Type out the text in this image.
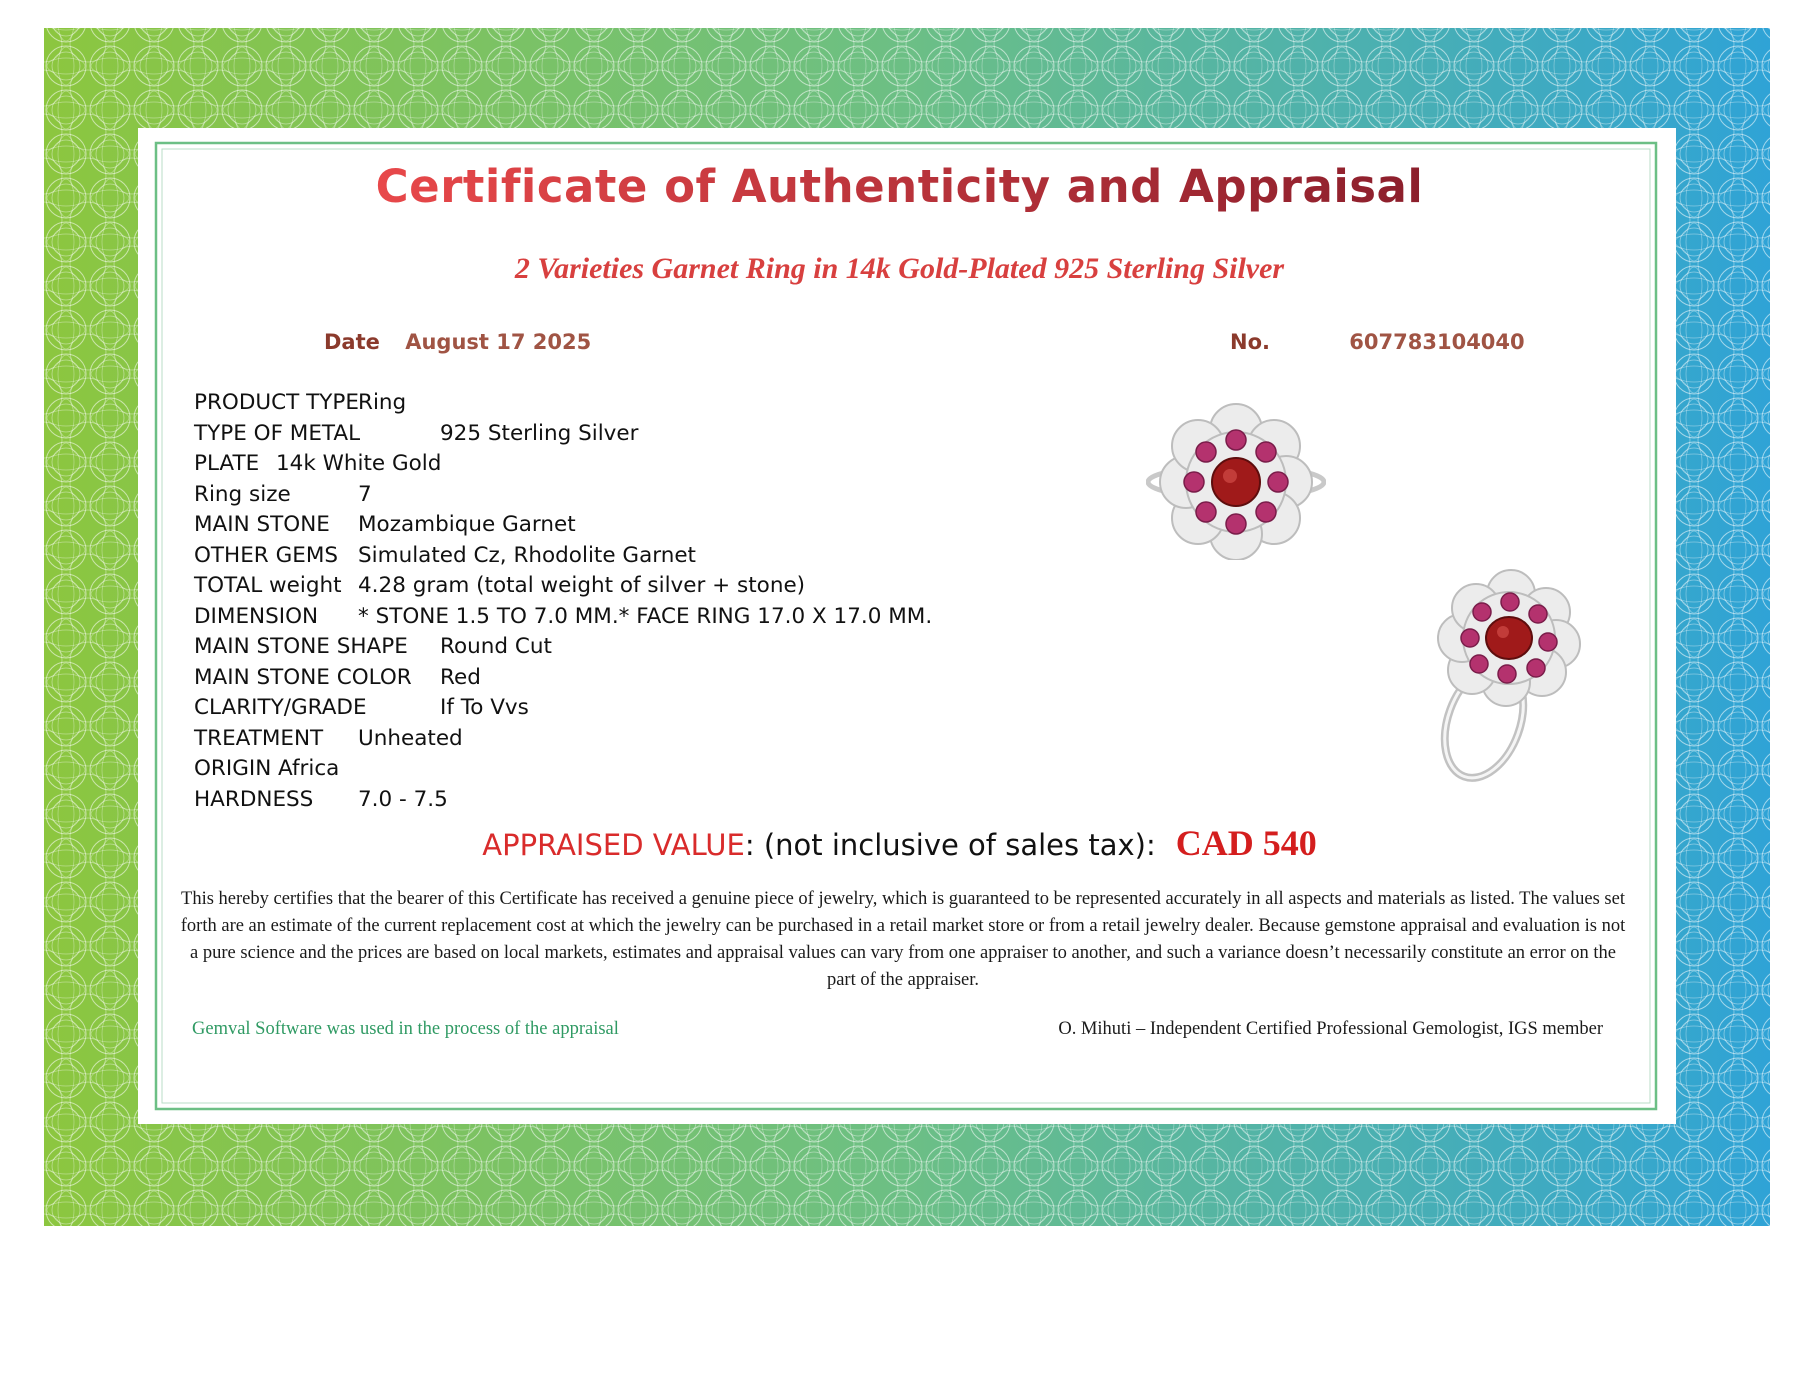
Certificate of Authenticity and Appraisal
2 Varieties Garnet Ring in 14k Gold-Plated 925 Sterling Silver
Date August 17 2025	No.	607783104040
PRODUCT TYPE Ring
TYPE OF METAL	925 Sterling Silver
PLATE 14k White Gold
Ring size	7
MAIN STONE Mozambique Garnet
OTHER GEMS Simulated Cz, Rhodolite Garnet
TOTAL weight 4.28 gram (total weight of silver + stone)
DIMENSION * STONE 1.5 TO 7.0 MM.* FACE RING 17.0 X 17.0 MM.
MAIN STONE SHAPE Round Cut
MAIN STONE COLOR Red
CLARITY/GRADE	If To Vvs
TREATMENT Unheated
ORIGIN Africa
HARDNESS 7.0 - 7.5
APPRAISED VALUE: (not inclusive of sales tax): CAD 540
This hereby certifies that the bearer of this Certificate has received a genuine piece of jewelry, which is guaranteed to be represented accurately in all aspects and materials as listed. The values set forth are an estimate of the current replacement cost at which the jewelry can be purchased in a retail market store or from a retail jewelry dealer. Because gemstone appraisal and evaluation is not a pure science and the prices are based on local markets, estimates and appraisal values can vary from one appraiser to another, and such a variance doesn’t necessarily constitute an error on the part of the appraiser.
Gemval Software was used in the process of the appraisal	O. Mihuti – Independent Certified Professional Gemologist, IGS member
